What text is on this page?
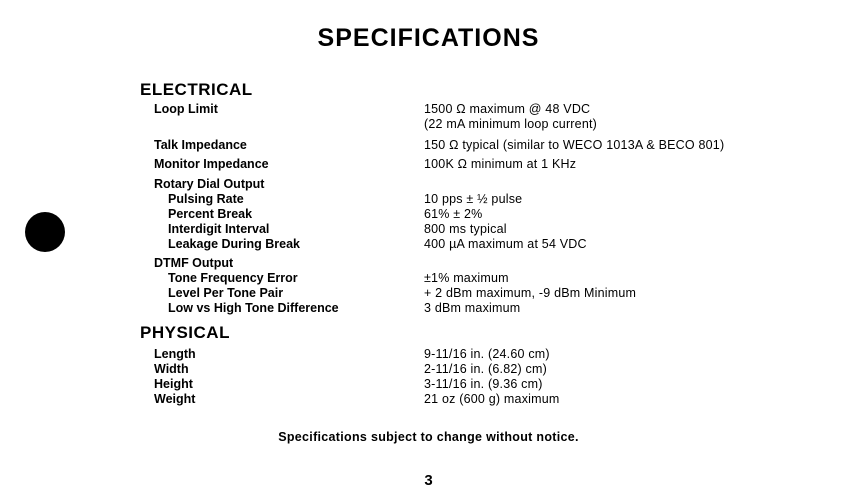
SPECIFICATIONS
ELECTRICAL
Loop Limit	1500 Ω maximum @ 48 VDC
(22 mA minimum loop current)
Talk Impedance	150 Ω typical (similar to WECO 1013A & BECO 801)
Monitor Impedance	100K Ω minimum at 1 KHz
Rotary Dial Output
Pulsing Rate	10 pps ± ½ pulse
Percent Break	61% ± 2%
Interdigit Interval	800 ms typical
Leakage During Break	400 µA maximum at 54 VDC
DTMF Output
Tone Frequency Error	±1% maximum
Level Per Tone Pair	+ 2 dBm maximum, -9 dBm Minimum
Low vs High Tone Difference	3 dBm maximum
PHYSICAL
Length	9-11/16 in. (24.60 cm)
Width	2-11/16 in. (6.82) cm)
Height	3-11/16 in. (9.36 cm)
Weight	21 oz (600 g) maximum
Specifications subject to change without notice.
3
